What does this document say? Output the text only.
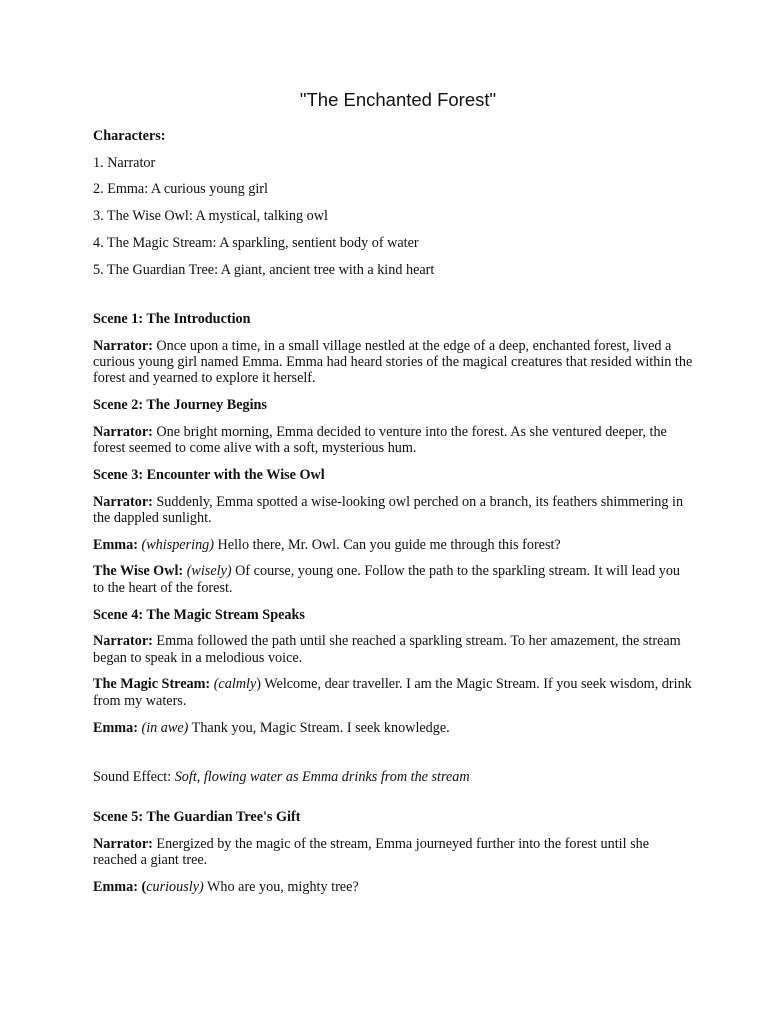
"The Enchanted Forest"

Characters:

1. Narrator

2. Emma: A curious young girl

3. The Wise Owl: A mystical, talking owl

4. The Magic Stream: A sparkling, sentient body of water

5. The Guardian Tree: A giant, ancient tree with a kind heart

Scene 1: The Introduction

Narrator: Once upon a time, in a small village nestled at the edge of a deep, enchanted forest, lived a curious young girl named Emma. Emma had heard stories of the magical creatures that resided within the forest and yearned to explore it herself.

Scene 2: The Journey Begins

Narrator: One bright morning, Emma decided to venture into the forest. As she ventured deeper, the forest seemed to come alive with a soft, mysterious hum.

Scene 3: Encounter with the Wise Owl

Narrator: Suddenly, Emma spotted a wise-looking owl perched on a branch, its feathers shimmering in the dappled sunlight.

Emma: (whispering) Hello there, Mr. Owl. Can you guide me through this forest?

The Wise Owl: (wisely) Of course, young one. Follow the path to the sparkling stream. It will lead you to the heart of the forest.

Scene 4: The Magic Stream Speaks

Narrator: Emma followed the path until she reached a sparkling stream. To her amazement, the stream began to speak in a melodious voice.

The Magic Stream: (calmly) Welcome, dear traveller. I am the Magic Stream. If you seek wisdom, drink from my waters.

Emma: (in awe) Thank you, Magic Stream. I seek knowledge.

Sound Effect: Soft, flowing water as Emma drinks from the stream

Scene 5: The Guardian Tree's Gift

Narrator: Energized by the magic of the stream, Emma journeyed further into the forest until she reached a giant tree.

Emma: (curiously) Who are you, mighty tree?
